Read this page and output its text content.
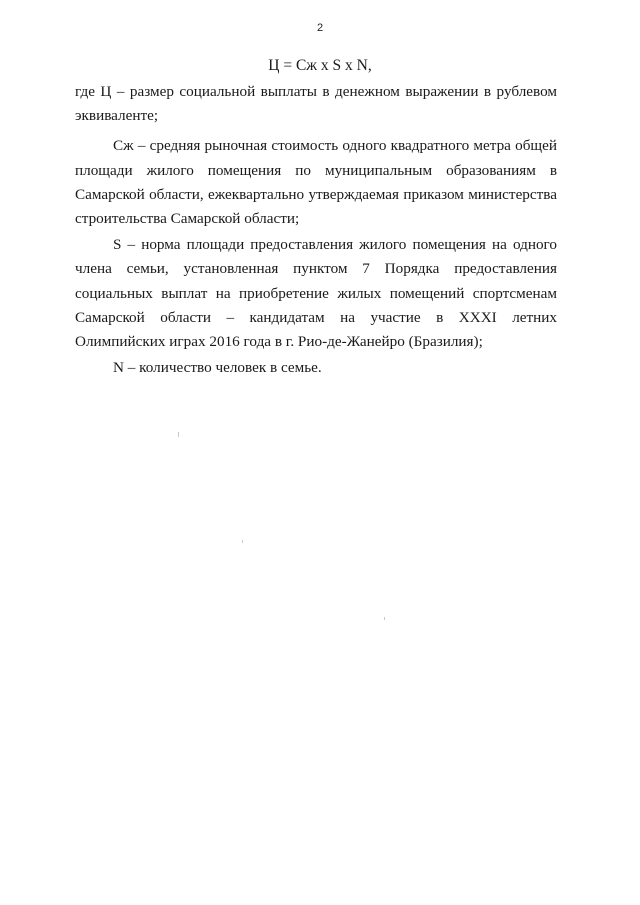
2
Ц = Сж х S х N,

где Ц – размер социальной выплаты в денежном выражении в рублевом эквиваленте;

Сж – средняя рыночная стоимость одного квадратного метра общей площади жилого помещения по муниципальным образованиям в Самарской области, ежеквартально утверждаемая приказом министерства строительства Самарской области;

S – норма площади предоставления жилого помещения на одного члена семьи, установленная пунктом 7 Порядка предоставления социальных выплат на приобретение жилых помещений спортсменам Самарской области – кандидатам на участие в XXXI летних Олимпийских играх 2016 года в г. Рио-де-Жанейро (Бразилия);

N – количество человек в семье.
